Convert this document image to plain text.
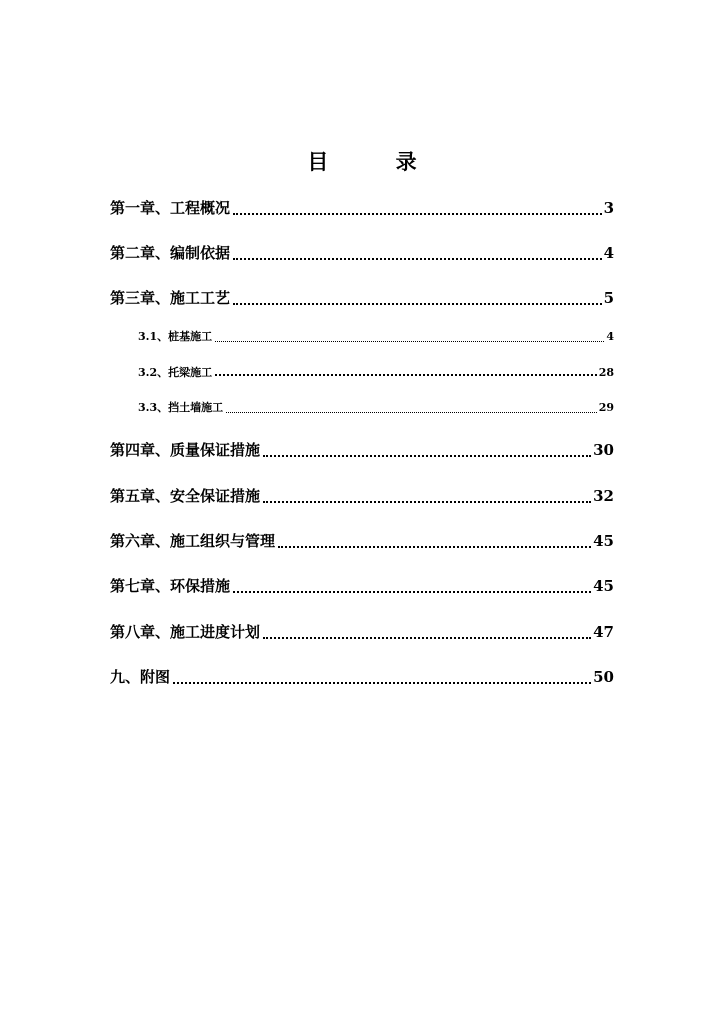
目 录
第一章、工程概况	3
第二章、编制依据	4
第三章、施工工艺	5
3.1、桩基施工	4
3.2、托梁施工	28
3.3、挡土墙施工	29
第四章、质量保证措施	30
第五章、安全保证措施	32
第六章、施工组织与管理	45
第七章、环保措施	45
第八章、施工进度计划	47
九、附图	50
